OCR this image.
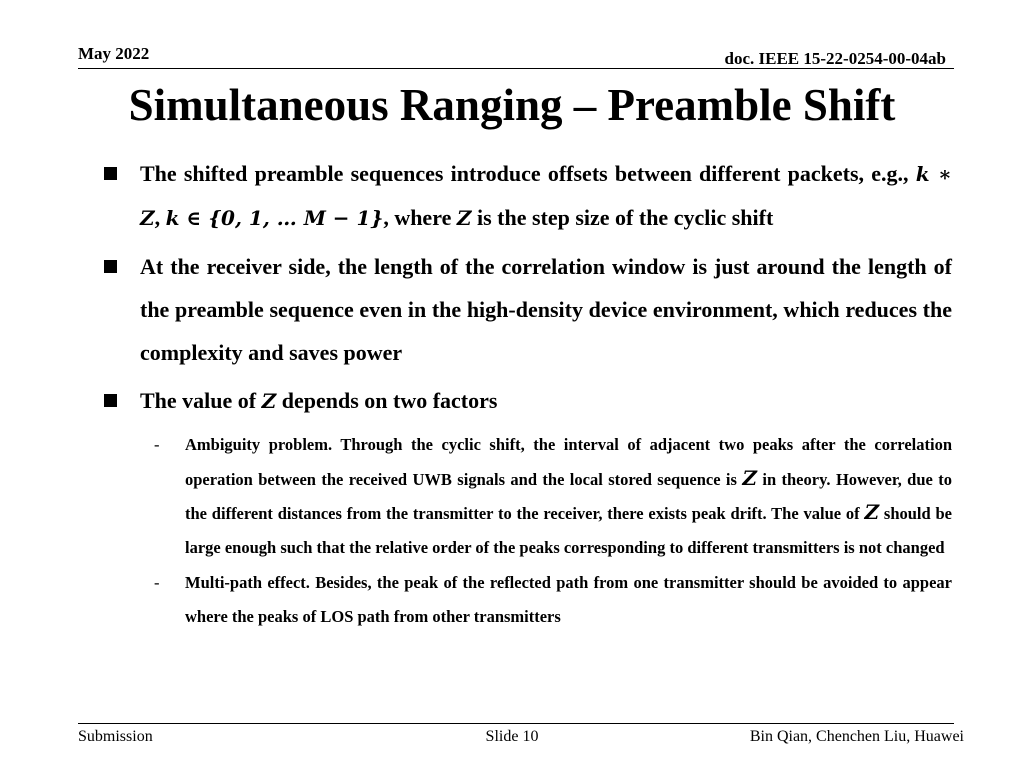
May 2022	doc. IEEE 15-22-0254-00-04ab
Simultaneous Ranging – Preamble Shift
The shifted preamble sequences introduce offsets between different packets, e.g., k ∗ Z, k ∈ {0, 1, … M − 1}, where Z is the step size of the cyclic shift
At the receiver side, the length of the correlation window is just around the length of the preamble sequence even in the high-density device environment, which reduces the complexity and saves power
The value of Z depends on two factors
- Ambiguity problem. Through the cyclic shift, the interval of adjacent two peaks after the correlation operation between the received UWB signals and the local stored sequence is Z in theory. However, due to the different distances from the transmitter to the receiver, there exists peak drift. The value of Z should be large enough such that the relative order of the peaks corresponding to different transmitters is not changed
- Multi-path effect. Besides, the peak of the reflected path from one transmitter should be avoided to appear where the peaks of LOS path from other transmitters
Submission	Slide 10	Bin Qian, Chenchen Liu, Huawei
